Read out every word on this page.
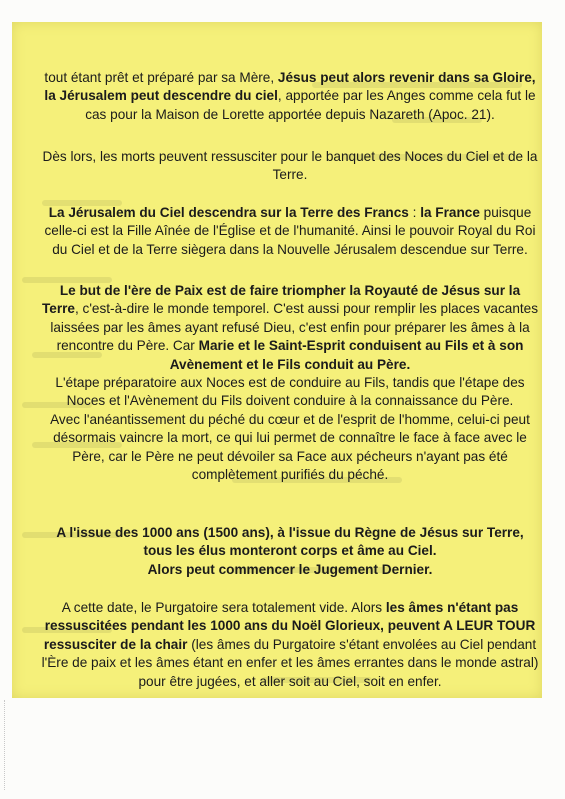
tout étant prêt et préparé par sa Mère, Jésus peut alors revenir dans sa Gloire,
la Jérusalem peut descendre du ciel, apportée par les Anges comme cela fut le
cas pour la Maison de Lorette apportée depuis Nazareth (Apoc. 21).

Dès lors, les morts peuvent ressusciter pour le banquet des Noces du Ciel et de la
Terre.

La Jérusalem du Ciel descendra sur la Terre des Francs : la France puisque
celle-ci est la Fille Aînée de l'Église et de l'humanité. Ainsi le pouvoir Royal du Roi
du Ciel et de la Terre siègera dans la Nouvelle Jérusalem descendue sur Terre.

Le but de l'ère de Paix est de faire triompher la Royauté de Jésus sur la
Terre, c'est-à-dire le monde temporel. C'est aussi pour remplir les places vacantes
laissées par les âmes ayant refusé Dieu, c'est enfin pour préparer les âmes à la
rencontre du Père. Car Marie et le Saint-Esprit conduisent au Fils et à son
Avènement et le Fils conduit au Père.
L'étape préparatoire aux Noces est de conduire au Fils, tandis que l'étape des
Noces et l'Avènement du Fils doivent conduire à la connaissance du Père.
Avec l'anéantissement du péché du cœur et de l'esprit de l'homme, celui-ci peut
désormais vaincre la mort, ce qui lui permet de connaître le face à face avec le
Père, car le Père ne peut dévoiler sa Face aux pécheurs n'ayant pas été
complètement purifiés du péché.

A l'issue des 1000 ans (1500 ans), à l'issue du Règne de Jésus sur Terre,
tous les élus monteront corps et âme au Ciel.
Alors peut commencer le Jugement Dernier.

A cette date, le Purgatoire sera totalement vide. Alors les âmes n'étant pas
ressuscitées pendant les 1000 ans du Noël Glorieux, peuvent A LEUR TOUR
ressusciter de la chair (les âmes du Purgatoire s'étant envolées au Ciel pendant
l'Ère de paix et les âmes étant en enfer et les âmes errantes dans le monde astral)
pour être jugées, et aller soit au Ciel, soit en enfer.
